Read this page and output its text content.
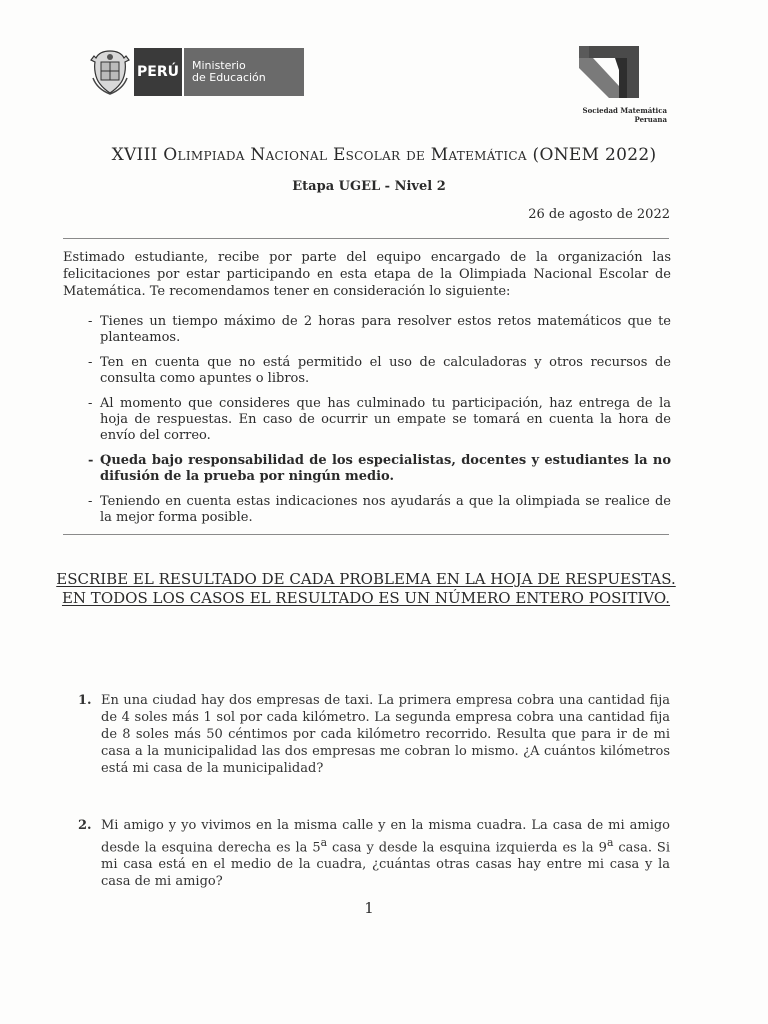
PERÚ	Ministerio
de Educación
Sociedad Matemática Peruana
XVIII Olimpiada Nacional Escolar de Matemática (ONEM 2022)
Etapa UGEL - Nivel 2
26 de agosto de 2022
Estimado estudiante, recibe por parte del equipo encargado de la organización las felicitaciones por estar participando en esta etapa de la Olimpiada Nacional Escolar de Matemática. Te recomendamos tener en consideración lo siguiente:
- Tienes un tiempo máximo de 2 horas para resolver estos retos matemáticos que te planteamos.
- Ten en cuenta que no está permitido el uso de calculadoras y otros recursos de consulta como apuntes o libros.
- Al momento que consideres que has culminado tu participación, haz entrega de la hoja de respuestas. En caso de ocurrir un empate se tomará en cuenta la hora de envío del correo.
- Queda bajo responsabilidad de los especialistas, docentes y estudiantes la no difusión de la prueba por ningún medio.
- Teniendo en cuenta estas indicaciones nos ayudarás a que la olimpiada se realice de la mejor forma posible.
ESCRIBE EL RESULTADO DE CADA PROBLEMA EN LA HOJA DE RESPUESTAS.
EN TODOS LOS CASOS EL RESULTADO ES UN NÚMERO ENTERO POSITIVO.
1. En una ciudad hay dos empresas de taxi. La primera empresa cobra una cantidad fija de 4 soles más 1 sol por cada kilómetro. La segunda empresa cobra una cantidad fija de 8 soles más 50 céntimos por cada kilómetro recorrido. Resulta que para ir de mi casa a la municipalidad las dos empresas me cobran lo mismo. ¿A cuántos kilómetros está mi casa de la municipalidad?
2. Mi amigo y yo vivimos en la misma calle y en la misma cuadra. La casa de mi amigo desde la esquina derecha es la 5$^a$ casa y desde la esquina izquierda es la 9$^a$ casa. Si mi casa está en el medio de la cuadra, ¿cuántas otras casas hay entre mi casa y la casa de mi amigo?
1
